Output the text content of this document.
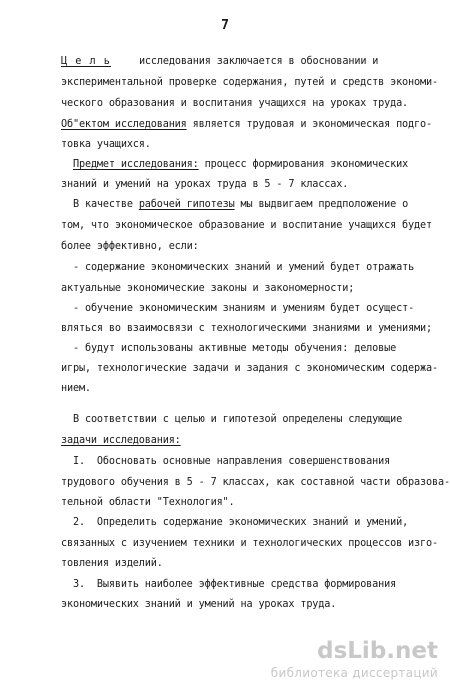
7
Ц е л ь	исследования заключается в обосновании и
экспериментальной проверке содержания, путей и средств экономи-
ческого образования и воспитания учащихся на уроках труда.
Об"ектом исследования является трудовая и экономическая подго-
товка учащихся.
Предмет исследования: процесс формирования экономических
знаний и умений на уроках труда в 5 - 7 классах.
В качестве рабочей гипотезы мы выдвигаем предположение о
том, что экономическое образование и воспитание учащихся будет
более эффективно, если:
- содержание экономических знаний и умений будет отражать
актуальные экономические законы и закономерности;
- обучение экономическим знаниям и умениям будет осущест-
вляться во взаимосвязи с технологическими знаниями и умениями;
- будут использованы активные методы обучения: деловые
игры, технологические задачи и задания с экономическим содержа-
нием.
В соответствии с целью и гипотезой определены следующие
задачи исследования:
I.  Обосновать основные направления совершенствования
трудового обучения в 5 - 7 классах, как составной части образова-
тельной области "Технология".
2.  Определить содержание экономических знаний и умений,
связанных с изучением техники и технологических процессов изго-
товления изделий.
3.  Выявить наиболее эффективные средства формирования
экономических знаний и умений на уроках труда.
dsLib.net
библиотека диссертаций
